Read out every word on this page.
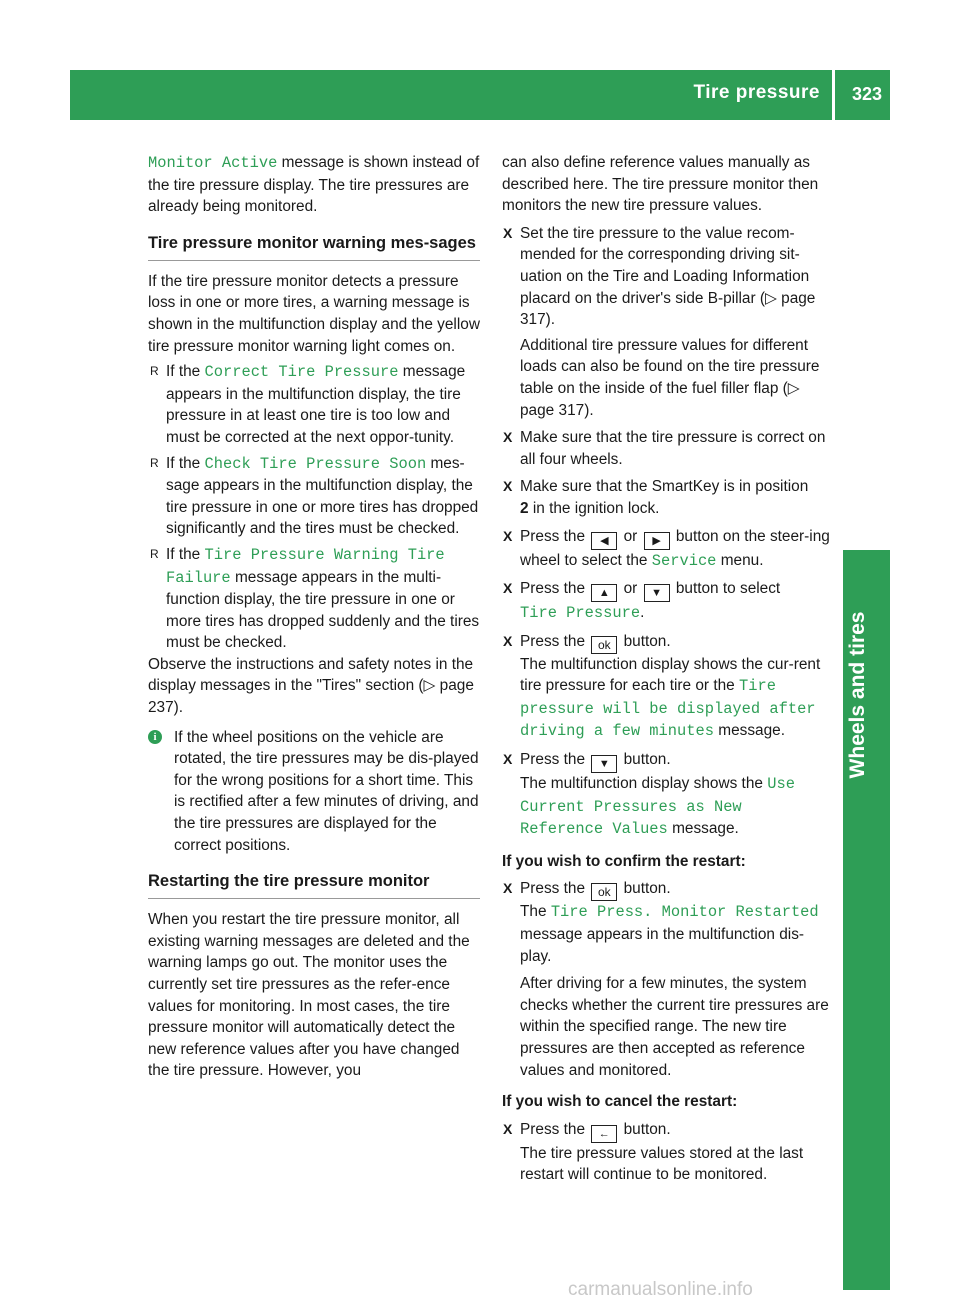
Tire pressure 323
Wheels and tires

Monitor Active message is shown instead of the tire pressure display. The tire pressures are already being monitored.

Tire pressure monitor warning mes-sages

If the tire pressure monitor detects a pressure loss in one or more tires, a warning message is shown in the multifunction display and the yellow tire pressure monitor warning light comes on.

R If the Correct Tire Pressure message appears in the multifunction display, the tire pressure in at least one tire is too low and must be corrected at the next oppor-tunity.

R If the Check Tire Pressure Soon mes-sage appears in the multifunction display, the tire pressure in one or more tires has dropped significantly and the tires must be checked.

R If the Tire Pressure Warning Tire Failure message appears in the multi-function display, the tire pressure in one or more tires has dropped suddenly and the tires must be checked.

Observe the instructions and safety notes in the display messages in the "Tires" section (▷ page 237).

i	If the wheel positions on the vehicle are rotated, the tire pressures may be dis-played for the wrong positions for a short time. This is rectified after a few minutes of driving, and the tire pressures are displayed for the correct positions.

Restarting the tire pressure monitor

When you restart the tire pressure monitor, all existing warning messages are deleted and the warning lamps go out. The monitor uses the currently set tire pressures as the refer-ence values for monitoring. In most cases, the tire pressure monitor will automatically detect the new reference values after you have changed the tire pressure. However, you

can also define reference values manually as described here. The tire pressure monitor then monitors the new tire pressure values.

X Set the tire pressure to the value recom-mended for the corresponding driving sit-uation on the Tire and Loading Information placard on the driver's side B-pillar (▷ page 317).

Additional tire pressure values for different loads can also be found on the tire pressure table on the inside of the fuel filler flap (▷ page 317).

X Make sure that the tire pressure is correct on all four wheels.

X Make sure that the SmartKey is in position
2 in the ignition lock.

X Press the ◀ or ▶ button on the steer-ing wheel to select the Service menu.

X Press the ▲ or ▼ button to select
Tire Pressure.

X Press the ok button.
The multifunction display shows the cur-rent tire pressure for each tire or the Tire pressure will be displayed after driving a few minutes message.

X Press the ▼ button.
The multifunction display shows the Use Current Pressures as New Reference Values message.

If you wish to confirm the restart:

X Press the ok button.
The Tire Press. Monitor Restarted message appears in the multifunction dis-play.

After driving for a few minutes, the system checks whether the current tire pressures are within the specified range. The new tire pressures are then accepted as reference values and monitored.

If you wish to cancel the restart:

X Press the ← button.
The tire pressure values stored at the last restart will continue to be monitored.

carmanualsonline.info
